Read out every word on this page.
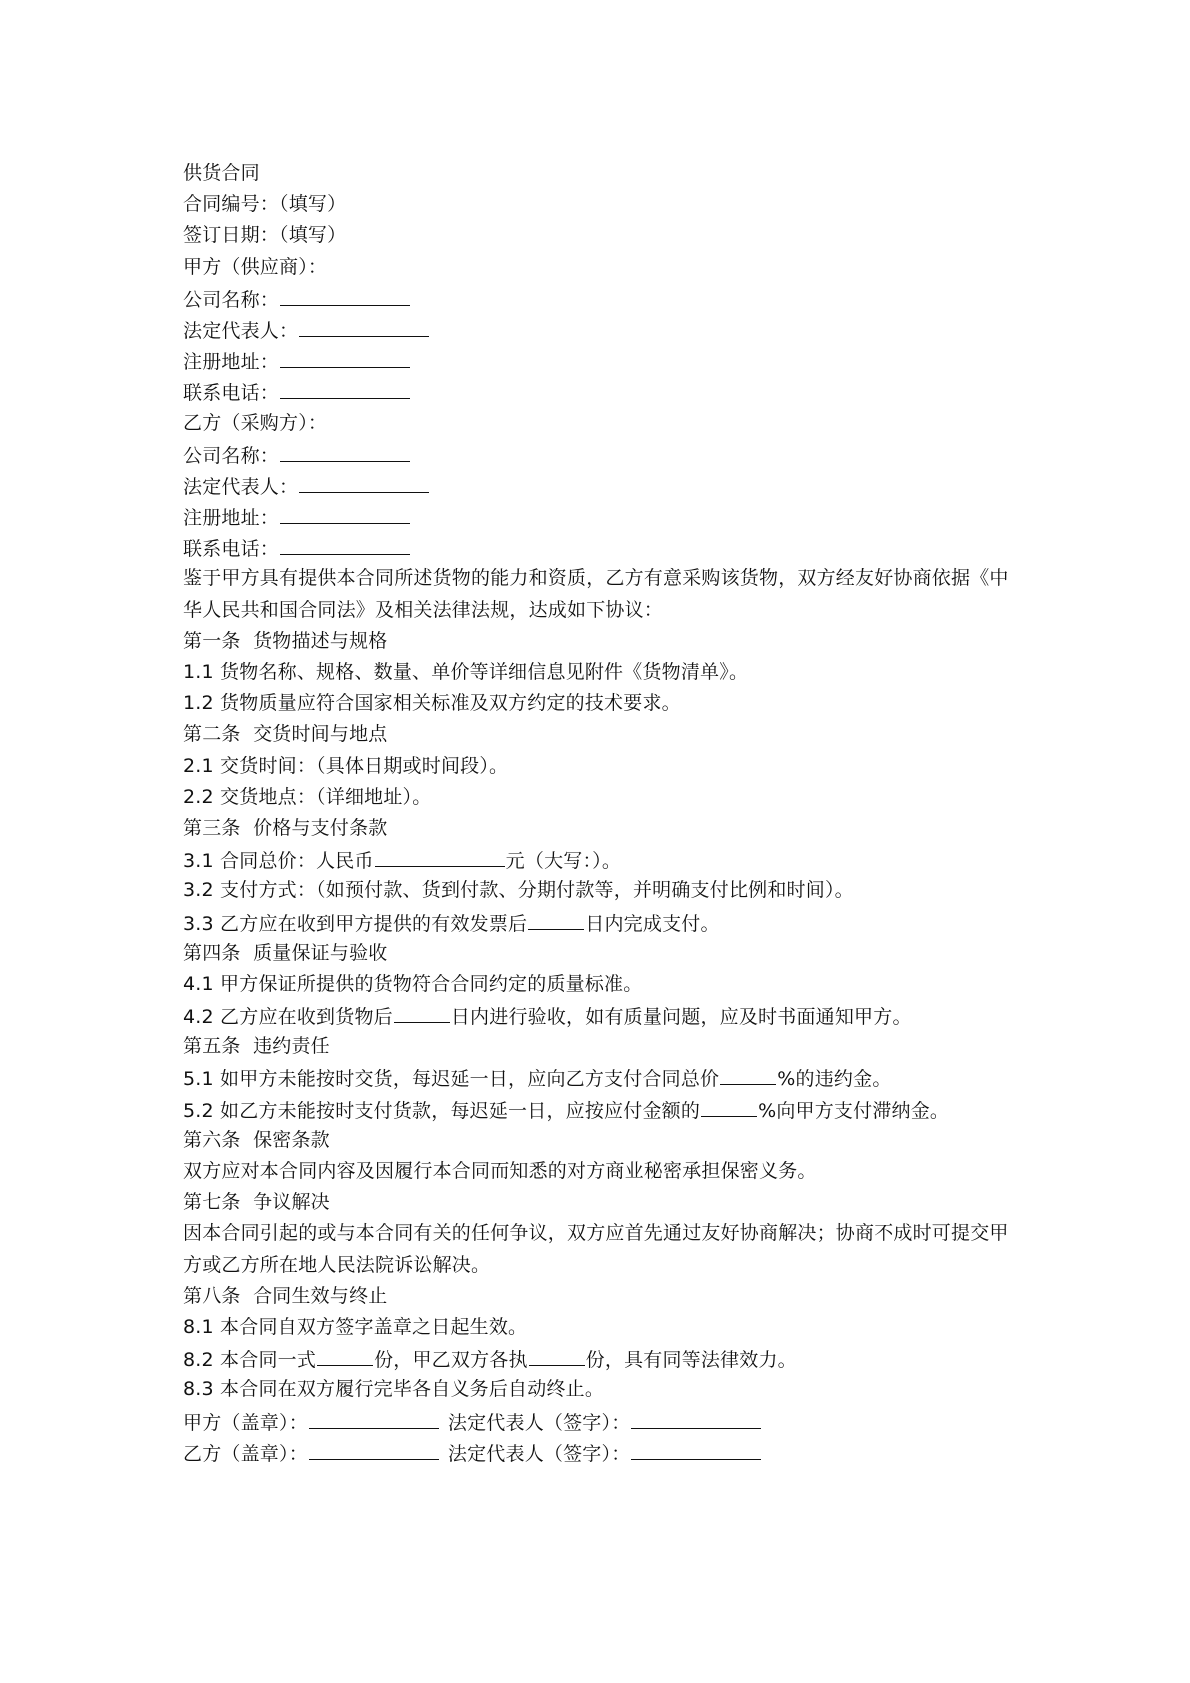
供货合同
合同编号：（填写）
签订日期：（填写）
甲方（供应商）：
公司名称：
法定代表人：
注册地址：
联系电话：
乙方（采购方）：
公司名称：
法定代表人：
注册地址：
联系电话：
鉴于甲方具有提供本合同所述货物的能力和资质，乙方有意采购该货物，双方经友好协商依据《中华人民共和国合同法》及相关法律法规，达成如下协议：
第一条  货物描述与规格
1.1 货物名称、规格、数量、单价等详细信息见附件《货物清单》。
1.2 货物质量应符合国家相关标准及双方约定的技术要求。
第二条  交货时间与地点
2.1 交货时间：（具体日期或时间段）。
2.2 交货地点：（详细地址）。
第三条  价格与支付条款
3.1 合同总价：人民币	元（大写：）。
3.2 支付方式：（如预付款、货到付款、分期付款等，并明确支付比例和时间）。
3.3 乙方应在收到甲方提供的有效发票后	日内完成支付。
第四条  质量保证与验收
4.1 甲方保证所提供的货物符合合同约定的质量标准。
4.2 乙方应在收到货物后	日内进行验收，如有质量问题，应及时书面通知甲方。
第五条  违约责任
5.1 如甲方未能按时交货，每迟延一日，应向乙方支付合同总价	%的违约金。
5.2 如乙方未能按时支付货款，每迟延一日，应按应付金额的	%向甲方支付滞纳金。
第六条  保密条款
双方应对本合同内容及因履行本合同而知悉的对方商业秘密承担保密义务。
第七条  争议解决
因本合同引起的或与本合同有关的任何争议，双方应首先通过友好协商解决；协商不成时可提交甲方或乙方所在地人民法院诉讼解决。
第八条  合同生效与终止
8.1 本合同自双方签字盖章之日起生效。
8.2 本合同一式	份，甲乙双方各执	份，具有同等法律效力。
8.3 本合同在双方履行完毕各自义务后自动终止。
甲方（盖章）：	法定代表人（签字）：
乙方（盖章）：	法定代表人（签字）：
